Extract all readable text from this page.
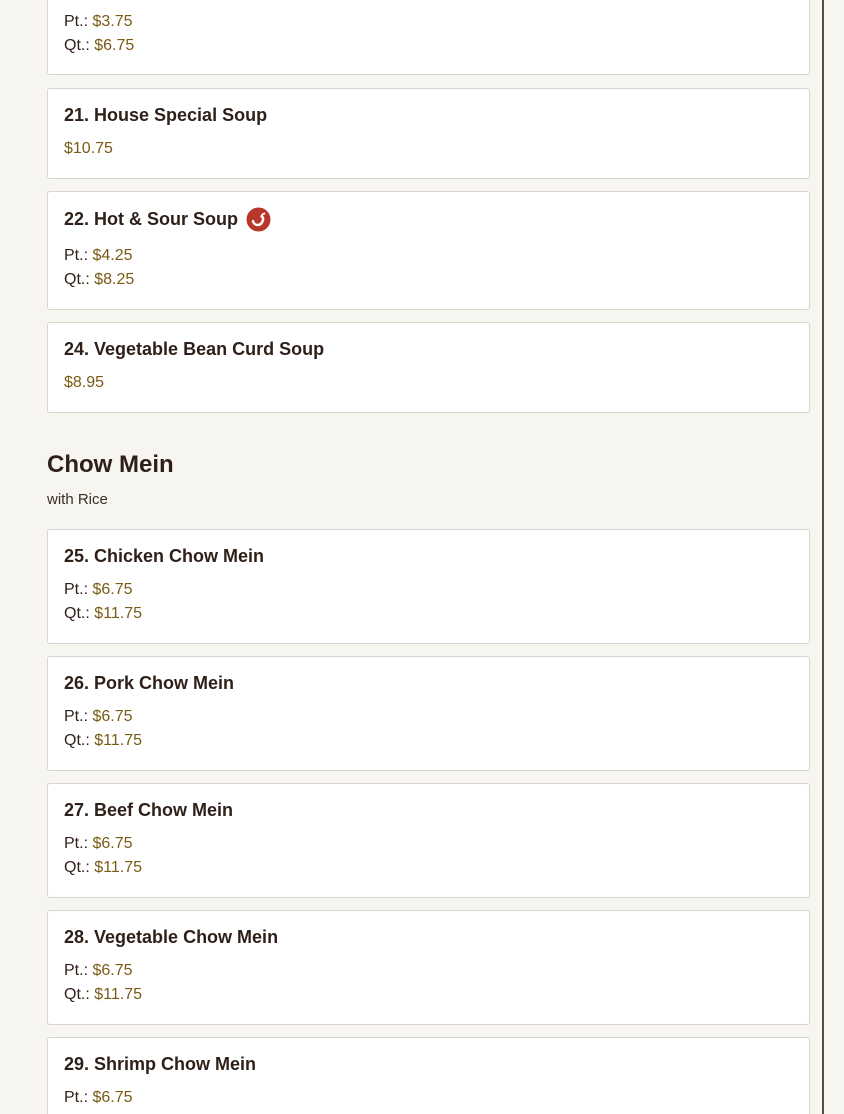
Pt.: $3.75
Qt.: $6.75
21. House Special Soup
$10.75
22. Hot & Sour Soup
Pt.: $4.25
Qt.: $8.25
24. Vegetable Bean Curd Soup
$8.95
Chow Mein
with Rice
25. Chicken Chow Mein
Pt.: $6.75
Qt.: $11.75
26. Pork Chow Mein
Pt.: $6.75
Qt.: $11.75
27. Beef Chow Mein
Pt.: $6.75
Qt.: $11.75
28. Vegetable Chow Mein
Pt.: $6.75
Qt.: $11.75
29. Shrimp Chow Mein
Pt.: $6.75
